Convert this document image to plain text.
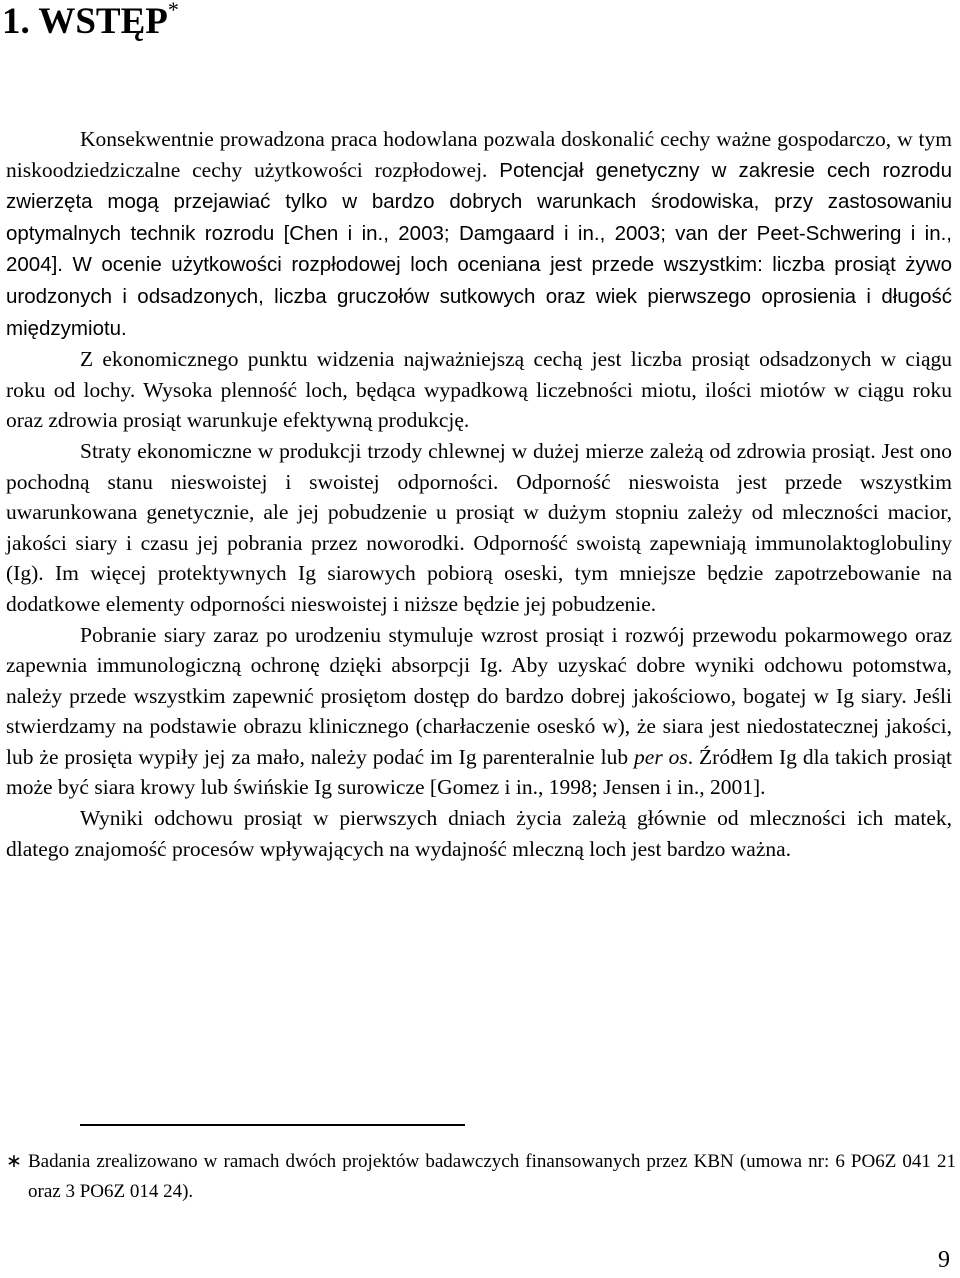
1. WSTĘP*

Konsekwentnie prowadzona praca hodowlana pozwala doskonalić cechy ważne gospodarczo, w tym niskoodziedziczalne cechy użytkowości rozpłodowej. Potencjał genetyczny w zakresie cech rozrodu zwierzęta mogą przejawiać tylko w bardzo dobrych warunkach środowiska, przy zastosowaniu optymalnych technik rozrodu [Chen i in., 2003; Damgaard i in., 2003; van der Peet-Schwering i in., 2004]. W ocenie użytkowości rozpłodowej loch oceniana jest przede wszystkim: liczba prosiąt żywo urodzonych i odsadzonych, liczba gruczołów sutkowych oraz wiek pierwszego oprosienia i długość międzymiotu.

Z ekonomicznego punktu widzenia najważniejszą cechą jest liczba prosiąt odsadzonych w ciągu roku od lochy. Wysoka plenność loch, będąca wypadkową liczebności miotu, ilości miotów w ciągu roku oraz zdrowia prosiąt warunkuje efektywną produkcję.

Straty ekonomiczne w produkcji trzody chlewnej w dużej mierze zależą od zdrowia prosiąt. Jest ono pochodną stanu nieswoistej i swoistej odporności. Odporność nieswoista jest przede wszystkim uwarunkowana genetycznie, ale jej pobudzenie u prosiąt w dużym stopniu zależy od mleczności macior, jakości siary i czasu jej pobrania przez noworodki. Odporność swoistą zapewniają immunolaktoglobuliny (Ig). Im więcej protektywnych Ig siarowych pobiorą oseski, tym mniejsze będzie zapotrzebowanie na dodatkowe elementy odporności nieswoistej i niższe będzie jej pobudzenie.

Pobranie siary zaraz po urodzeniu stymuluje wzrost prosiąt i rozwój przewodu pokarmowego oraz zapewnia immunologiczną ochronę dzięki absorpcji Ig. Aby uzyskać dobre wyniki odchowu potomstwa, należy przede wszystkim zapewnić prosiętom dostęp do bardzo dobrej jakościowo, bogatej w Ig siary. Jeśli stwierdzamy na podstawie obrazu klinicznego (charłaczenie oseskó w), że siara jest niedostatecznej jakości, lub że prosięta wypiły jej za mało, należy podać im Ig parenteralnie lub per os. Źródłem Ig dla takich prosiąt może być siara krowy lub świńskie Ig surowicze [Gomez i in., 1998; Jensen i in., 2001].

Wyniki odchowu prosiąt w pierwszych dniach życia zależą głównie od mleczności ich matek, dlatego znajomość procesów wpływających na wydajność mleczną loch jest bardzo ważna.

∗ Badania zrealizowano w ramach dwóch projektów badawczych finansowanych przez KBN (umowa nr: 6 PO6Z 041 21 oraz 3 PO6Z 014 24).
9
